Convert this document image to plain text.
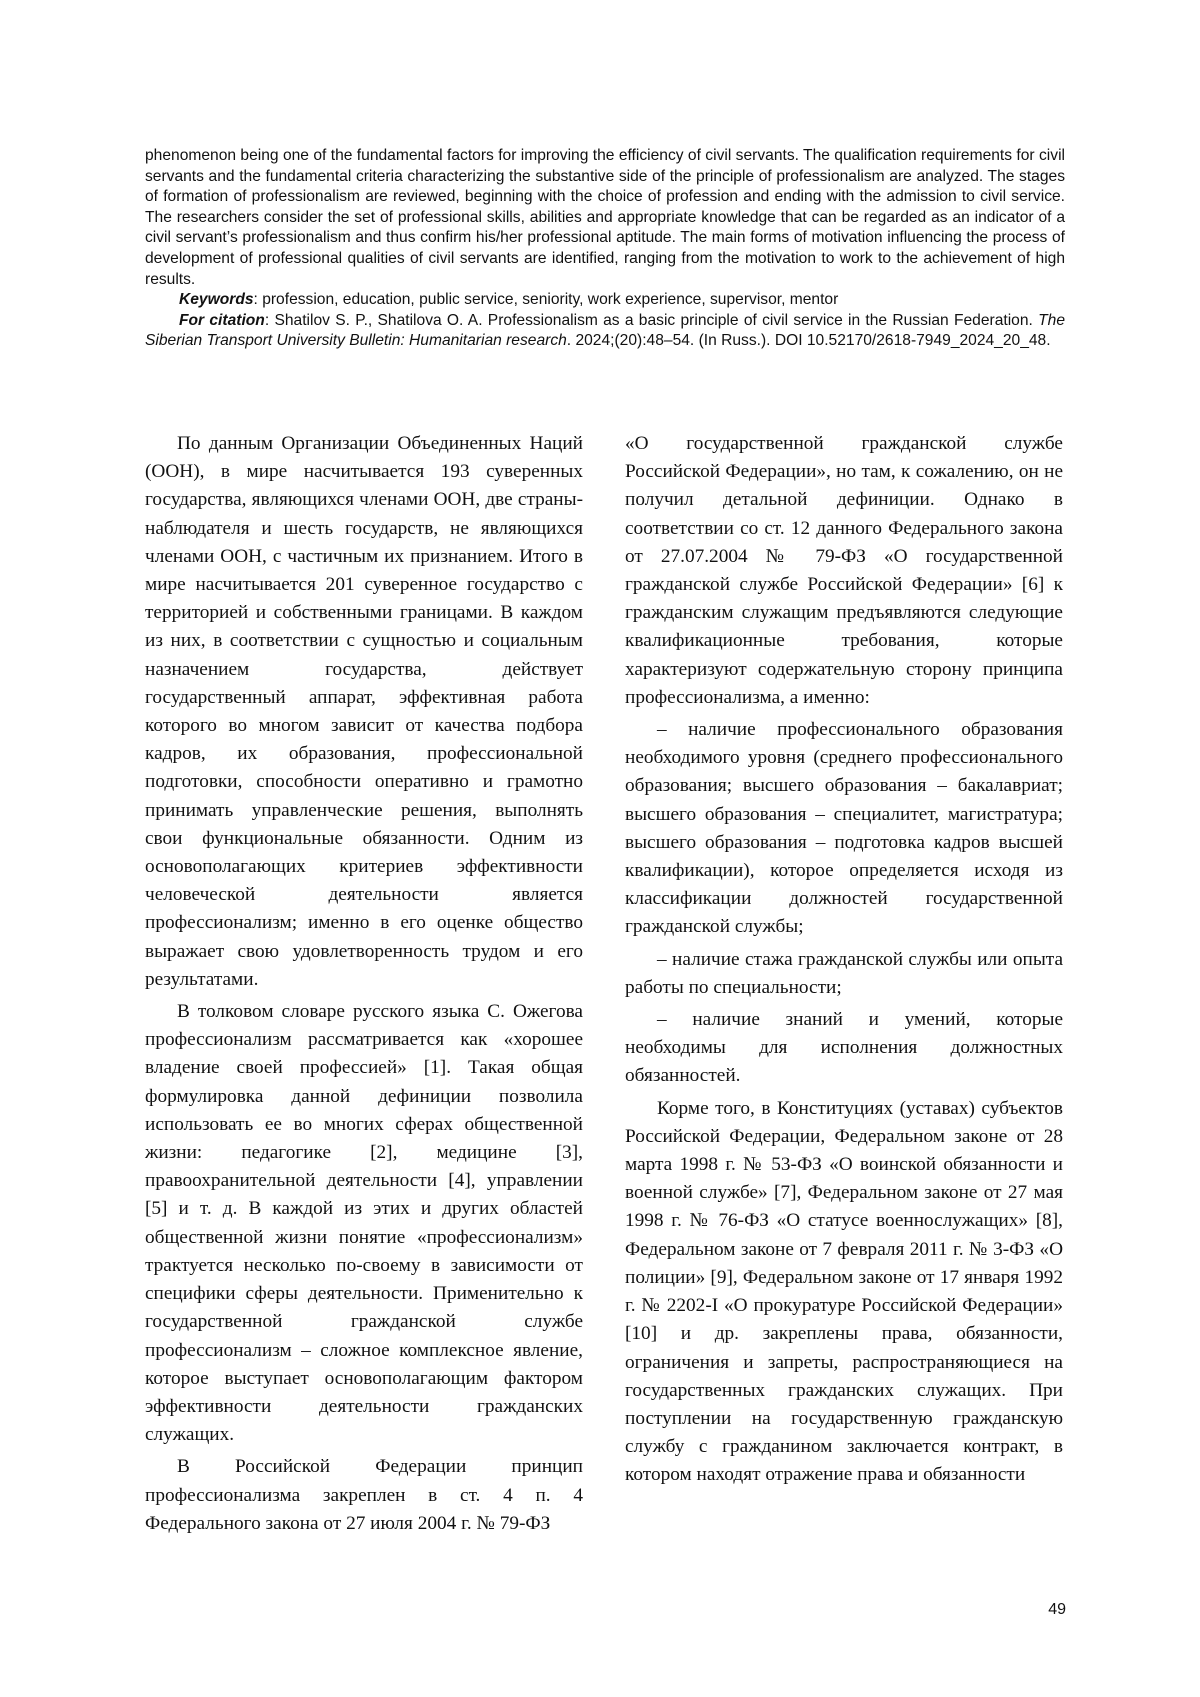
phenomenon being one of the fundamental factors for improving the efficiency of civil servants. The qualification requirements for civil servants and the fundamental criteria characterizing the substantive side of the principle of professionalism are analyzed. The stages of formation of professionalism are reviewed, beginning with the choice of profession and ending with the admission to civil service. The researchers consider the set of professional skills, abilities and appropriate knowledge that can be regarded as an indicator of a civil servant’s professionalism and thus confirm his/her professional aptitude. The main forms of motivation influencing the process of development of professional qualities of civil servants are identified, ranging from the motivation to work to the achievement of high results.

Keywords: profession, education, public service, seniority, work experience, supervisor, mentor

For citation: Shatilov S. P., Shatilova O. A. Professionalism as a basic principle of civil service in the Russian Federation. The Siberian Transport University Bulletin: Humanitarian research. 2024;(20):48–54. (In Russ.). DOI 10.52170/2618-7949_2024_20_48.

По данным Организации Объединенных Наций (ООН), в мире насчитывается 193 суверенных государства, являющихся членами ООН, две страны-наблюдателя и шесть государств, не являющихся членами ООН, с частичным их признанием. Итого в мире насчитывается 201 суверенное государство с территорией и собственными границами. В каждом из них, в соответствии с сущностью и социальным назначением государства, действует государственный аппарат, эффективная работа которого во многом зависит от качества подбора кадров, их образования, профессиональной подготовки, способности оперативно и грамотно принимать управленческие решения, выполнять свои функциональные обязанности. Одним из основополагающих критериев эффективности человеческой деятельности является профессионализм; именно в его оценке общество выражает свою удовлетворенность трудом и его результатами.

В толковом словаре русского языка С. Ожегова профессионализм рассматривается как «хорошее владение своей профессией» [1]. Такая общая формулировка данной дефиниции позволила использовать ее во многих сферах общественной жизни: педагогике [2], медицине [3], правоохранительной деятельности [4], управлении [5] и т. д. В каждой из этих и других областей общественной жизни понятие «профессионализм» трактуется несколько по-своему в зависимости от специфики сферы деятельности. Применительно к государственной гражданской службе профессионализм – сложное комплексное явление, которое выступает основополагающим фактором эффективности деятельности гражданских служащих.

В Российской Федерации принцип профессионализма закреплен в ст. 4 п. 4 Федерального закона от 27 июля 2004 г. № 79-ФЗ

«О государственной гражданской службе Российской Федерации», но там, к сожалению, он не получил детальной дефиниции. Однако в соответствии со ст. 12 данного Федерального закона от 27.07.2004 № 79-ФЗ «О государственной гражданской службе Российской Федерации» [6] к гражданским служащим предъявляются следующие квалификационные требования, которые характеризуют содержательную сторону принципа профессионализма, а именно:

– наличие профессионального образования необходимого уровня (среднего профессионального образования; высшего образования – бакалавриат; высшего образования – специалитет, магистратура; высшего образования – подготовка кадров высшей квалификации), которое определяется исходя из классификации должностей государственной гражданской службы;

– наличие стажа гражданской службы или опыта работы по специальности;

– наличие знаний и умений, которые необходимы для исполнения должностных обязанностей.

Корме того, в Конституциях (уставах) субъектов Российской Федерации, Федеральном законе от 28 марта 1998 г. № 53-ФЗ «О воинской обязанности и военной службе» [7], Федеральном законе от 27 мая 1998 г. № 76-ФЗ «О статусе военнослужащих» [8], Федеральном законе от 7 февраля 2011 г. № 3-ФЗ «О полиции» [9], Федеральном законе от 17 января 1992 г. № 2202-I «О прокуратуре Российской Федерации» [10] и др. закреплены права, обязанности, ограничения и запреты, распространяющиеся на государственных гражданских служащих. При поступлении на государственную гражданскую службу с гражданином заключается контракт, в котором находят отражение права и обязанности

49
